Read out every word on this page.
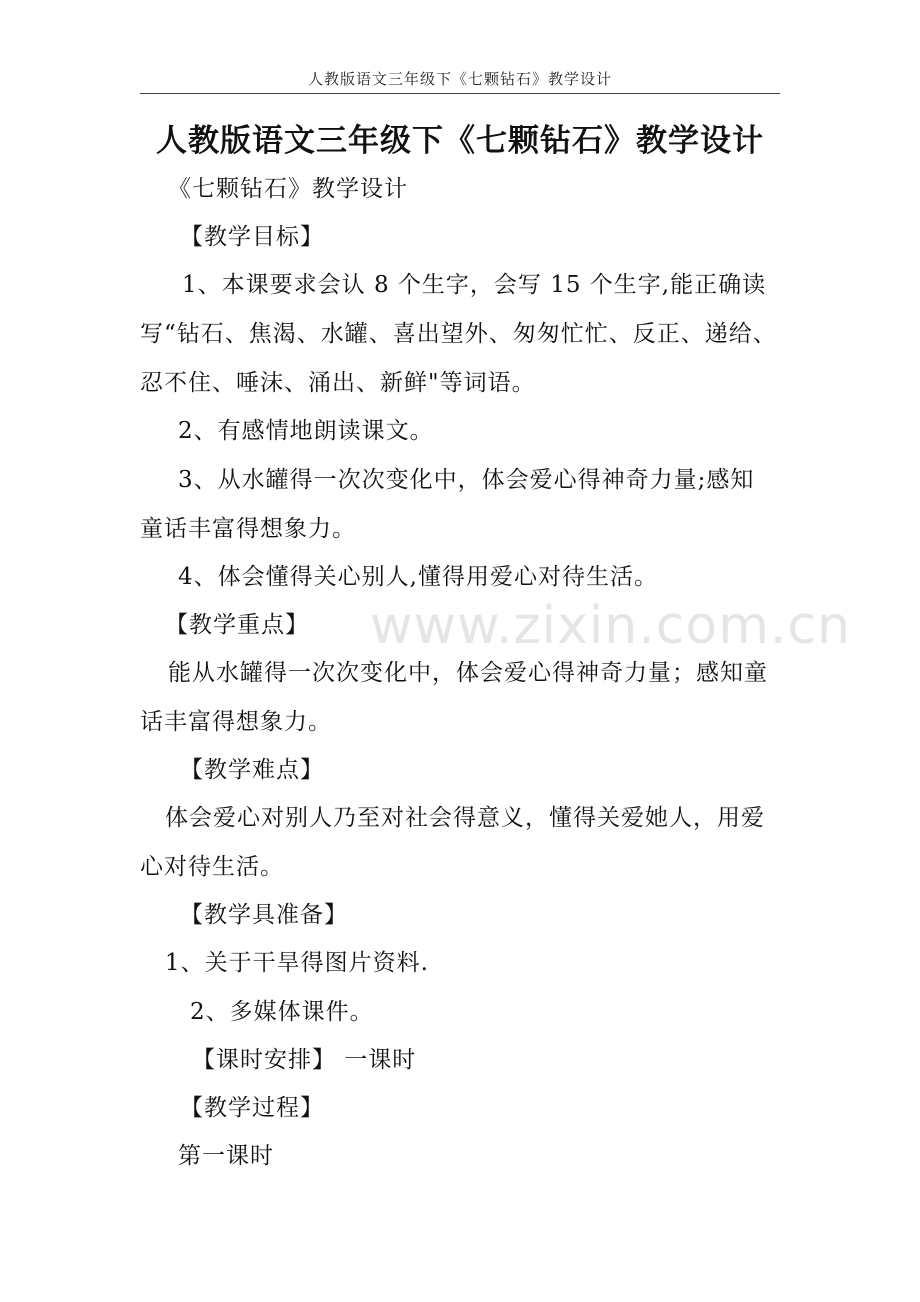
人教版语文三年级下《七颗钻石》教学设计
人教版语文三年级下《七颗钻石》教学设计
《七颗钻石》教学设计
【教学目标】
1、本课要求会认 8 个生字，会写 15 个生字,能正确读
写“钻石、焦渴、水罐、喜出望外、匆匆忙忙、反正、递给、
忍不住、唾沫、涌出、新鲜"等词语。
2、有感情地朗读课文。
3、从水罐得一次次变化中，体会爱心得神奇力量;感知
童话丰富得想象力。
4、体会懂得关心别人,懂得用爱心对待生活。
【教学重点】
能从水罐得一次次变化中，体会爱心得神奇力量；感知童
话丰富得想象力。
【教学难点】
体会爱心对别人乃至对社会得意义，懂得关爱她人，用爱
心对待生活。
【教学具准备】
1、关于干旱得图片资料.
2、多媒体课件。
【课时安排】 一课时
【教学过程】
第一课时
www.zixin.com.cn
